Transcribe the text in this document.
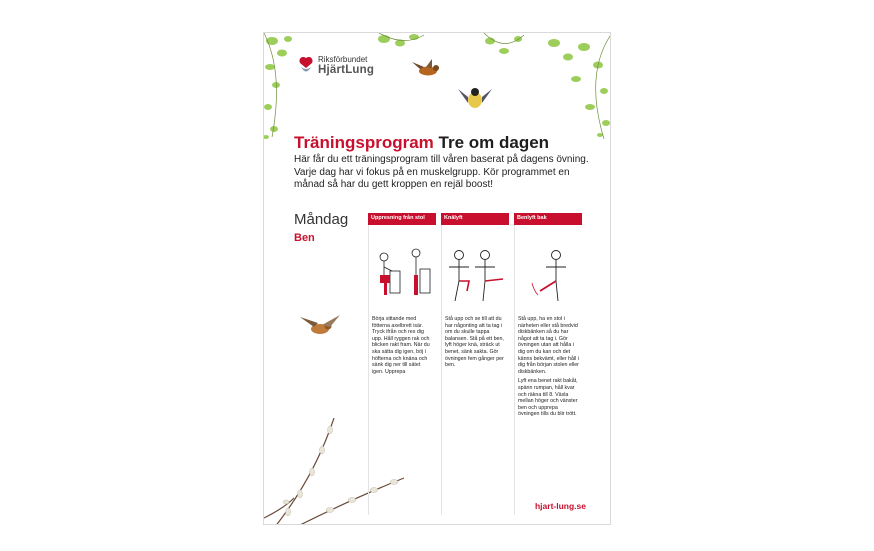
Riksförbundet
HjärtLung
Träningsprogram Tre om dagen
Här får du ett träningsprogram till våren baserat på dagens övning. Varje dag har vi fokus på en muskelgrupp. Kör programmet en månad så har du gett kroppen en rejäl boost!
Måndag
Ben
Uppresning från stol
Börja sittande med fötterna axelbrett isär. Tryck ifrån och res dig upp. Håll ryggen rak och blicken rakt fram. När du ska sätta dig igen, böj i höfterna och knäna och sänk dig ner till sätet igen. Upprepa
Knälyft
Stå upp och se till att du har någonting att ta tag i om du skulle tappa balansen. Stå på ett ben, lyft höger knä, sträck ut benet, sänk sakta. Gör övningen fem gånger per ben.
Benlyft bak
Stå upp, ha en stol i närheten eller stå bredvid diskbänken så du har något att ta tag i. Gör övningen utan att hålla i dig om du kan och det känns bekvämt, eller håll i dig från början stolen eller diskbänken.
Lyft ena benet rakt bakåt, spänn rumpan, håll kvar och räkna till 8. Växla mellan höger och vänster ben och upprepa övningen tills du blir trött.
hjart-lung.se
